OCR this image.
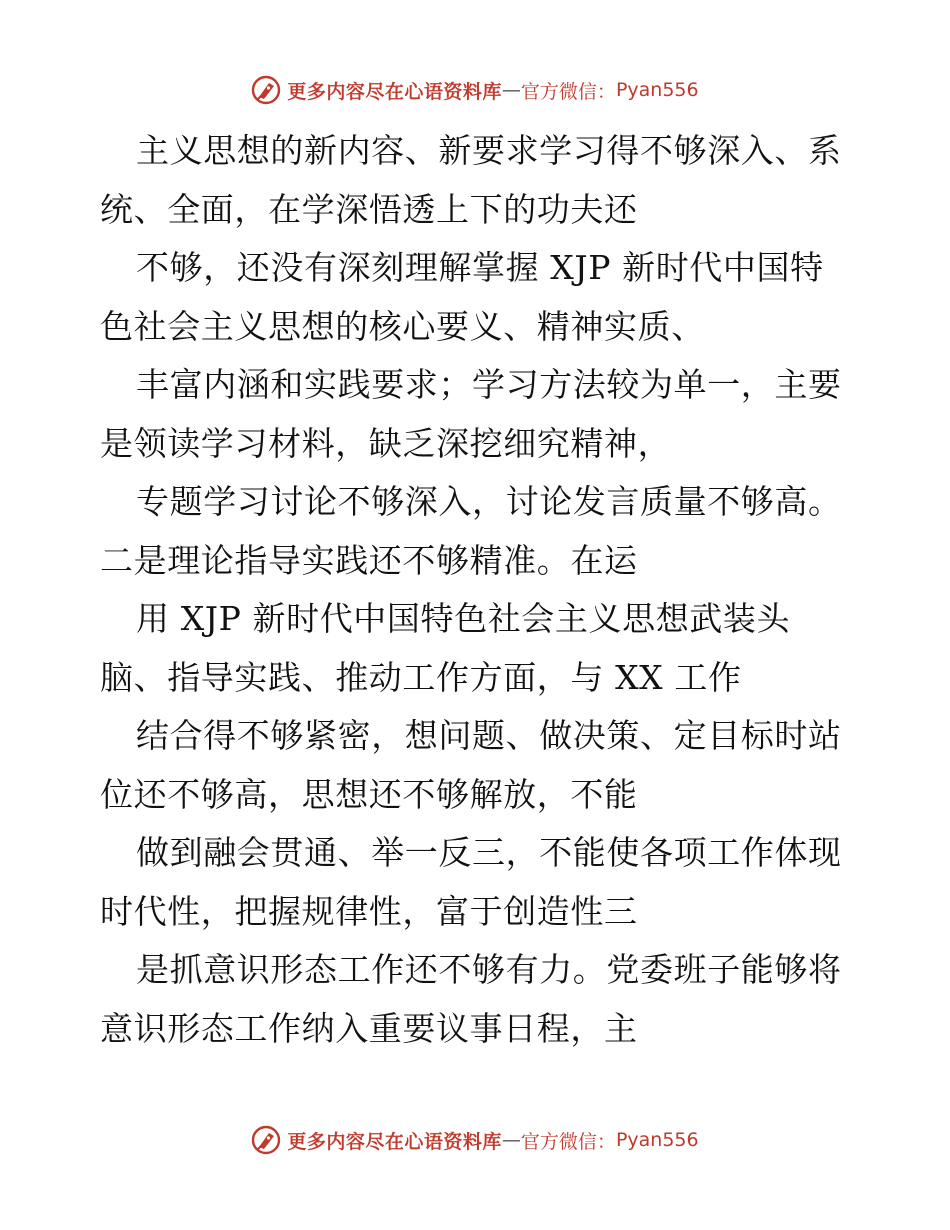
更多内容尽在心语资料库 — 官方微信： Pyan556
主义思想的新内容、新要求学习得不够深入、系
统、全面，在学深悟透上下的功夫还
不够，还没有深刻理解掌握 XJP 新时代中国特
色社会主义思想的核心要义、精神实质、
丰富内涵和实践要求；学习方法较为单一，主要
是领读学习材料，缺乏深挖细究精神，
专题学习讨论不够深入，讨论发言质量不够高。
二是理论指导实践还不够精准。在运
用 XJP 新时代中国特色社会主义思想武装头
脑、指导实践、推动工作方面，与 XX 工作
结合得不够紧密，想问题、做决策、定目标时站
位还不够高，思想还不够解放，不能
做到融会贯通、举一反三，不能使各项工作体现
时代性，把握规律性，富于创造性三
是抓意识形态工作还不够有力。党委班子能够将
意识形态工作纳入重要议事日程，主
更多内容尽在心语资料库 — 官方微信： Pyan556
